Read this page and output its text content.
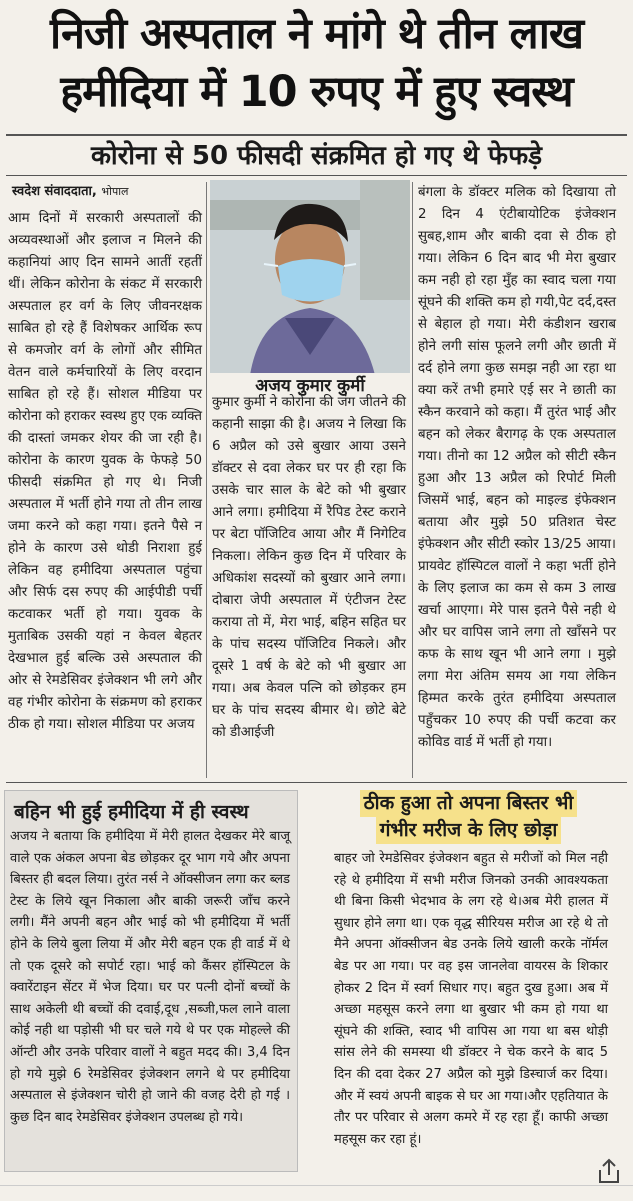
निजी अस्पताल ने मांगे थे तीन लाख
हमीदिया में 10 रुपए में हुए स्वस्थ
कोरोना से 50 फीसदी संक्रमित हो गए थे फेफड़े
स्वदेश संवाददाता, भोपाल
अजय कुमार कुर्मी
आम दिनों में सरकारी अस्पतालों की अव्यवस्थाओं और इलाज न मिलने की कहानियां आए दिन सामने आतीं रहतीं थीं। लेकिन कोरोना के संकट में सरकारी अस्पताल हर वर्ग के लिए जीवनरक्षक साबित हो रहे हैं विशेषकर आर्थिक रूप से कमजोर वर्ग के लोगों और सीमित वेतन वाले कर्मचारियों के लिए वरदान साबित हो रहे हैं। सोशल मीडिया पर कोरोना को हराकर स्वस्थ हुए एक व्यक्ति की दास्तां जमकर शेयर की जा रही है। कोरोना के कारण युवक के फेफड़े 50 फीसदी संक्रमित हो गए थे। निजी अस्पताल में भर्ती होने गया तो तीन लाख जमा करने को कहा गया। इतने पैसे न होने के कारण उसे थोडी निराशा हुई लेकिन वह हमीदिया अस्पताल पहुंचा और सिर्फ दस रुपए की आईपीडी पर्ची कटवाकर भर्ती हो गया। युवक के मुताबिक उसकी यहां न केवल बेहतर देखभाल हुई बल्कि उसे अस्पताल की ओर से रेमडेसिवर इंजेक्शन भी लगे और वह गंभीर कोरोना के संक्रमण को हराकर ठीक हो गया। सोशल मीडिया पर अजय
कुमार कुर्मी ने कोरोना की जंग जीतने की कहानी साझा की है। अजय ने लिखा कि 6 अप्रैल को उसे बुखार आया उसने डॉक्टर से दवा लेकर घर पर ही रहा कि उसके चार साल के बेटे को भी बुखार आने लगा। हमीदिया में रैपिड टेस्ट कराने पर बेटा पॉजिटिव आया और मैं निगेटिव निकला। लेकिन कुछ दिन में परिवार के अधिकांश सदस्यों को बुखार आने लगा। दोबारा जेपी अस्पताल में एंटीजन टेस्ट कराया तो में, मेरा भाई, बहिन सहित घर के पांच सदस्य पॉजिटिव निकले। और दूसरे 1 वर्ष के बेटे को भी बुखार आ गया। अब केवल पत्नि को छोड़कर हम घर के पांच सदस्य बीमार थे। छोटे बेटे को डीआईजी
बंगला के डॉक्टर मलिक को दिखाया तो 2 दिन 4 एंटीबायोटिक इंजेक्शन सुबह,शाम और बाकी दवा से ठीक हो गया। लेकिन 6 दिन बाद भी मेरा बुखार कम नही हो रहा मुँह का स्वाद चला गया सूंघने की शक्ति कम हो गयी,पेट दर्द,दस्त से बेहाल हो गया। मेरी कंडीशन खराब होने लगी सांस फूलने लगी और छाती में दर्द होने लगा कुछ समझ नही आ रहा था क्या करें तभी हमारे एई सर ने छाती का स्कैन करवाने को कहा। मैं तुरंत भाई और बहन को लेकर बैरागढ़ के एक अस्पताल गया। तीनो का 12 अप्रैल को सीटी स्कैन हुआ और 13 अप्रैल को रिपोर्ट मिली जिसमें भाई, बहन को माइल्ड इंफेक्शन बताया और मुझे 50 प्रतिशत चेस्ट इंफेक्शन और सीटी स्कोर 13/25 आया। प्रायवेट हॉस्पिटल वालों ने कहा भर्ती होने के लिए इलाज का कम से कम 3 लाख खर्चा आएगा। मेरे पास इतने पैसे नही थे और घर वापिस जाने लगा तो खाँसने पर कफ के साथ खून भी आने लगा । मुझे लगा मेरा अंतिम समय आ गया लेकिन हिम्मत करके तुरंत हमीदिया अस्पताल पहुँचकर 10 रुपए की पर्ची कटवा कर कोविड वार्ड में भर्ती हो गया।
बहिन भी हुई हमीदिया में ही स्वस्थ
अजय ने बताया कि हमीदिया में मेरी हालत देखकर मेरे बाजू वाले एक अंकल अपना बेड छोड़कर दूर भाग गये और अपना बिस्तर ही बदल लिया। तुरंत नर्स ने ऑक्सीजन लगा कर ब्लड टेस्ट के लिये खून निकाला और बाकी जरूरी जाँच करने लगी। मैंने अपनी बहन और भाई को भी हमीदिया में भर्ती होने के लिये बुला लिया में और मेरी बहन एक ही वार्ड में थे तो एक दूसरे को सपोर्ट रहा। भाई को कैंसर हॉस्पिटल के क्वारेंटाइन सेंटर में भेज दिया। घर पर पत्नी दोनों बच्चों के साथ अकेली थी बच्चों की दवाई,दूध ,सब्जी,फल लाने वाला कोई नही था पड़ोसी भी घर चले गये थे पर एक मोहल्ले की ऑन्टी और उनके परिवार वालों ने बहुत मदद की। 3,4 दिन हो गये मुझे 6 रेमडेसिवर इंजेक्शन लगने थे पर हमीदिया अस्पताल से इंजेक्शन चोरी हो जाने की वजह देरी हो गई । कुछ दिन बाद रेमडेसिवर इंजेक्शन उपलब्ध हो गये।
ठीक हुआ तो अपना बिस्तर भी
गंभीर मरीज के लिए छोड़ा
बाहर जो रेमडेसिवर इंजेक्शन बहुत से मरीजों को मिल नही रहे थे हमीदिया में सभी मरीज जिनको उनकी आवश्यकता थी बिना किसी भेदभाव के लग रहे थे।अब मेरी हालत में सुधार होने लगा था। एक वृद्ध सीरियस मरीज आ रहे थे तो मैने अपना ऑक्सीजन बेड उनके लिये खाली करके नॉर्मल बेड पर आ गया। पर वह इस जानलेवा वायरस के शिकार होकर 2 दिन में स्वर्ग सिधार गए। बहुत दुख हुआ। अब में अच्छा महसूस करने लगा था बुखार भी कम हो गया था सूंघने की शक्ति, स्वाद भी वापिस आ गया था बस थोड़ी सांस लेने की समस्या थी डॉक्टर ने चेक करने के बाद 5 दिन की दवा देकर 27 अप्रैल को मुझे डिस्चार्ज कर दिया।और में स्वयं अपनी बाइक से घर आ गया।और एहतियात के तौर पर परिवार से अलग कमरे में रह रहा हूँ। काफी अच्छा महसूस कर रहा हूं।
